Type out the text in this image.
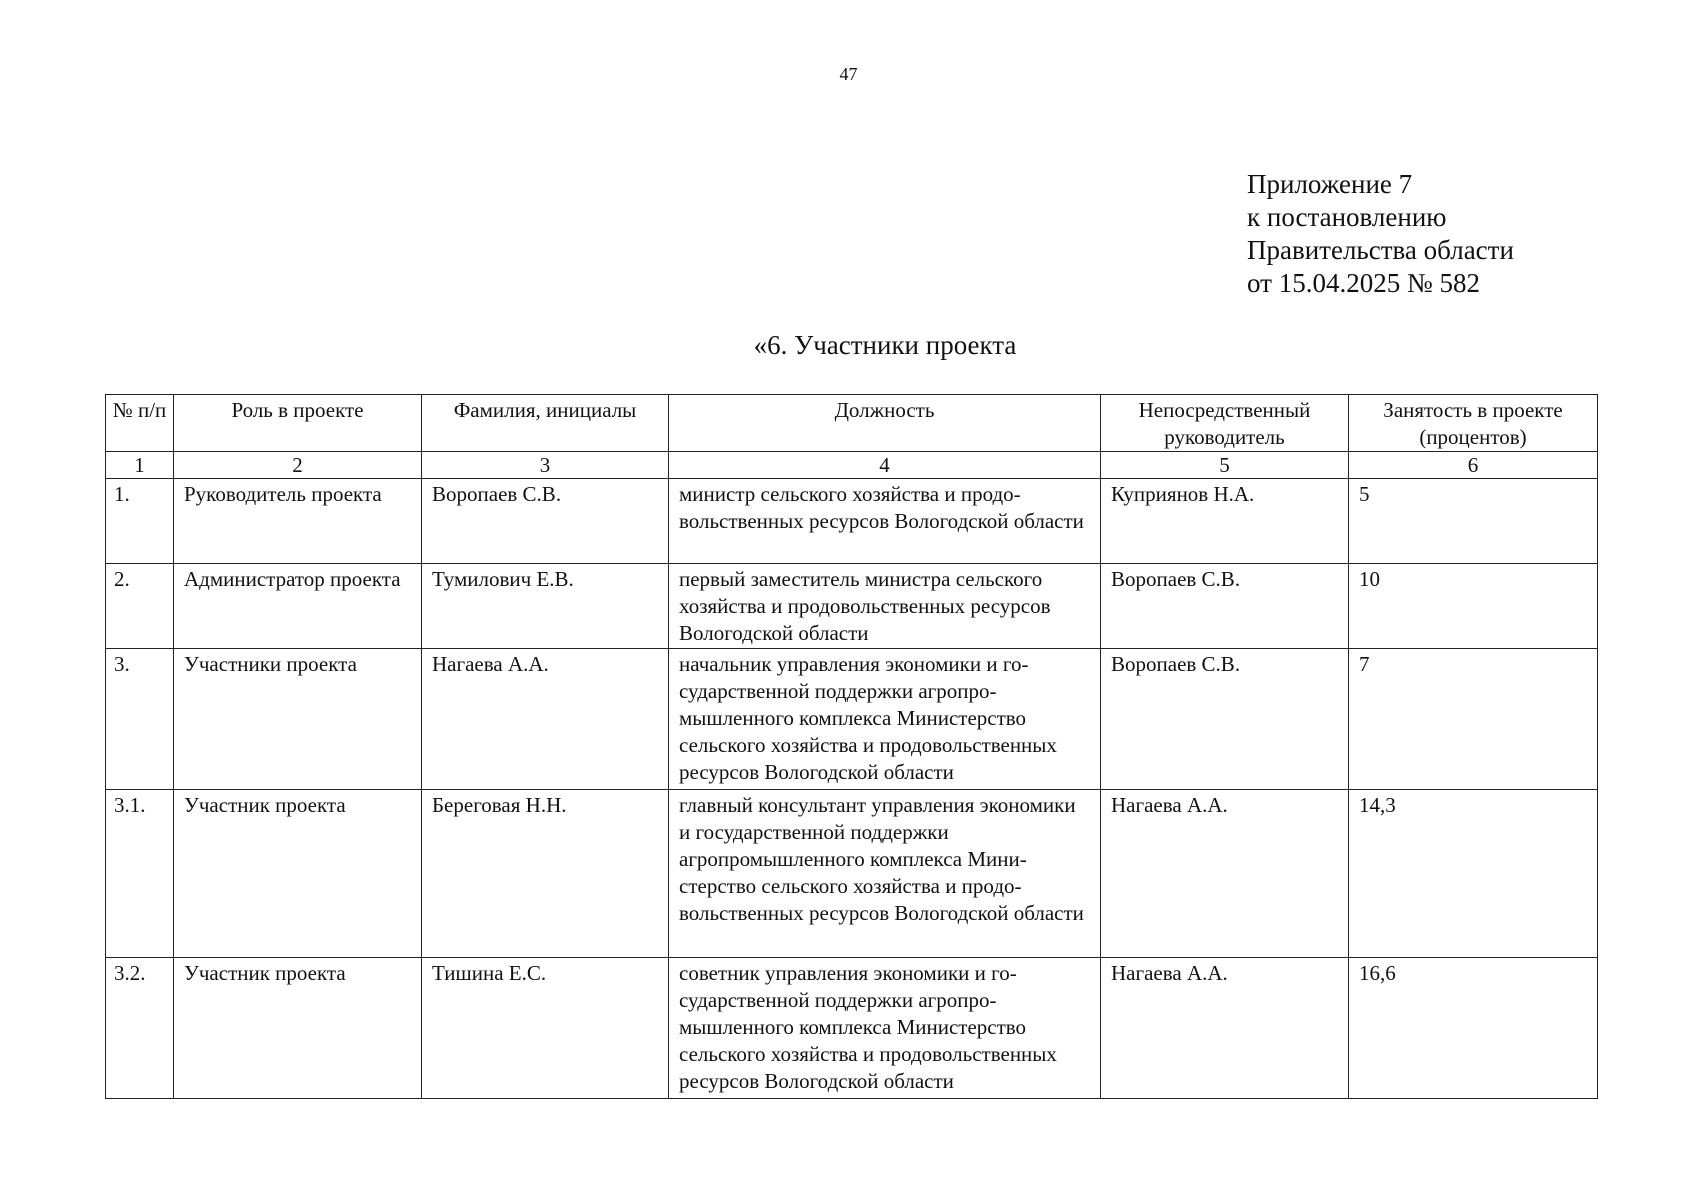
47
Приложение 7
к постановлению
Правительства области
от 15.04.2025 № 582
«6. Участники проекта
№ п/п	Роль в проекте	Фамилия, инициалы	Должность	Непосредственный руководитель	Занятость в проекте (процентов)
1	2	3	4	5	6
1.	Руководитель проекта	Воропаев С.В.	министр сельского хозяйства и продовольственных ресурсов Вологодской области	Куприянов Н.А.	5
2.	Администратор проекта	Тумилович Е.В.	первый заместитель министра сельского хозяйства и продовольственных ресурсов Вологодской области	Воропаев С.В.	10
3.	Участники проекта	Нагаева А.А.	начальник управления экономики и государственной поддержки агропромышленного комплекса Министерство сельского хозяйства и продовольственных ресурсов Вологодской области	Воропаев С.В.	7
3.1.	Участник проекта	Береговая Н.Н.	главный консультант управления экономики и государственной поддержки агропромышленного комплекса Министерство сельского хозяйства и продовольственных ресурсов Вологодской области	Нагаева А.А.	14,3
3.2.	Участник проекта	Тишина Е.С.	советник управления экономики и государственной поддержки агропромышленного комплекса Министерство сельского хозяйства и продовольственных ресурсов Вологодской области	Нагаева А.А.	16,6
